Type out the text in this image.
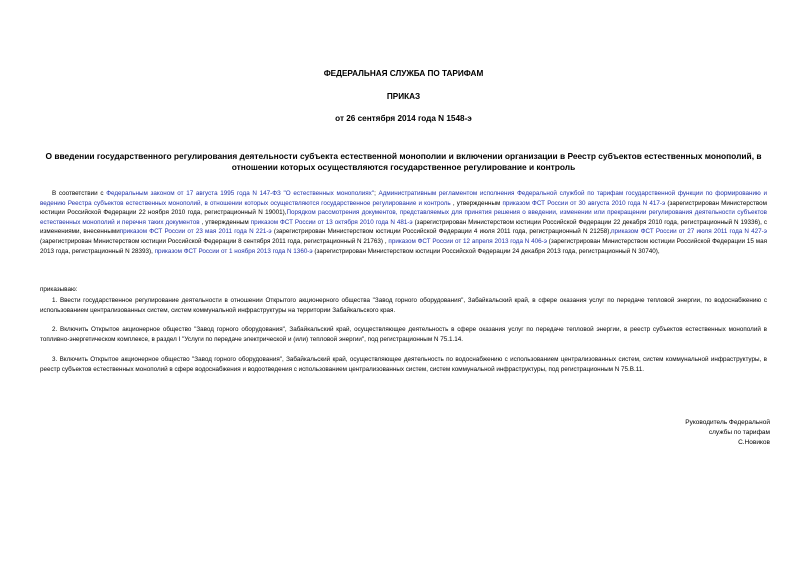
ФЕДЕРАЛЬНАЯ СЛУЖБА ПО ТАРИФАМ
ПРИКАЗ
от 26 сентября 2014 года N 1548-э
О введении государственного регулирования деятельности субъекта естественной монополии и включении организации в Реестр субъектов естественных монополий, в отношении которых осуществляются государственное регулирование и контроль
В соответствии с Федеральным законом от 17 августа 1995 года N 147-ФЗ "О естественных монополиях"; Административным регламентом исполнения Федеральной службой по тарифам государственной функции по формированию и ведению Реестра субъектов естественных монополий, в отношении которых осуществляются государственное регулирование и контроль , утвержденным приказом ФСТ России от 30 августа 2010 года N 417-э (зарегистрирован Министерством юстиции Российской Федерации 22 ноября 2010 года, регистрационный N 19001),Порядком рассмотрения документов, представляемых для принятия решения о введении, изменении или прекращении регулирования деятельности субъектов естественных монополий и перечня таких документов , утвержденным приказом ФСТ России от 13 октября 2010 года N 481-э (зарегистрирован Министерством юстиции Российской Федерации 22 декабря 2010 года, регистрационный N 19336), с изменениями, внесеннымиприказом ФСТ России от 23 мая 2011 года N 221-э (зарегистрирован Министерством юстиции Российской Федерации 4 июля 2011 года, регистрационный N 21258),приказом ФСТ России от 27 июля 2011 года N 427-э (зарегистрирован Министерством юстиции Российской Федерации 8 сентября 2011 года, регистрационный N 21763) , приказом ФСТ России от 12 апреля 2013 года N 406-э (зарегистрирован Министерством юстиции Российской Федерации 15 мая 2013 года, регистрационный N 28393), приказом ФСТ России от 1 ноября 2013 года N 1360-э (зарегистрирован Министерством юстиции Российской Федерации 24 декабря 2013 года, регистрационный N 30740),
приказываю:
1. Ввести государственное регулирование деятельности в отношении Открытого акционерного общества "Завод горного оборудования", Забайкальский край, в сфере оказания услуг по передаче тепловой энергии, по водоснабжению с использованием централизованных систем, систем коммунальной инфраструктуры на территории Забайкальского края.
2. Включить Открытое акционерное общество "Завод горного оборудования", Забайкальский край, осуществляющее деятельность в сфере оказания услуг по передаче тепловой энергии, в реестр субъектов естественных монополий в топливно-энергетическом комплексе, в раздел I "Услуги по передаче электрической и (или) тепловой энергии", под регистрационным N 75.1.14.
3. Включить Открытое акционерное общество "Завод горного оборудования", Забайкальский край, осуществляющее деятельность по водоснабжению с использованием централизованных систем, систем коммунальной инфраструктуры, в реестр субъектов естественных монополий в сфере водоснабжения и водоотведения с использованием централизованных систем, систем коммунальной инфраструктуры, под регистрационным N 75.В.11.
Руководитель Федеральной
службы по тарифам
С.Новиков
